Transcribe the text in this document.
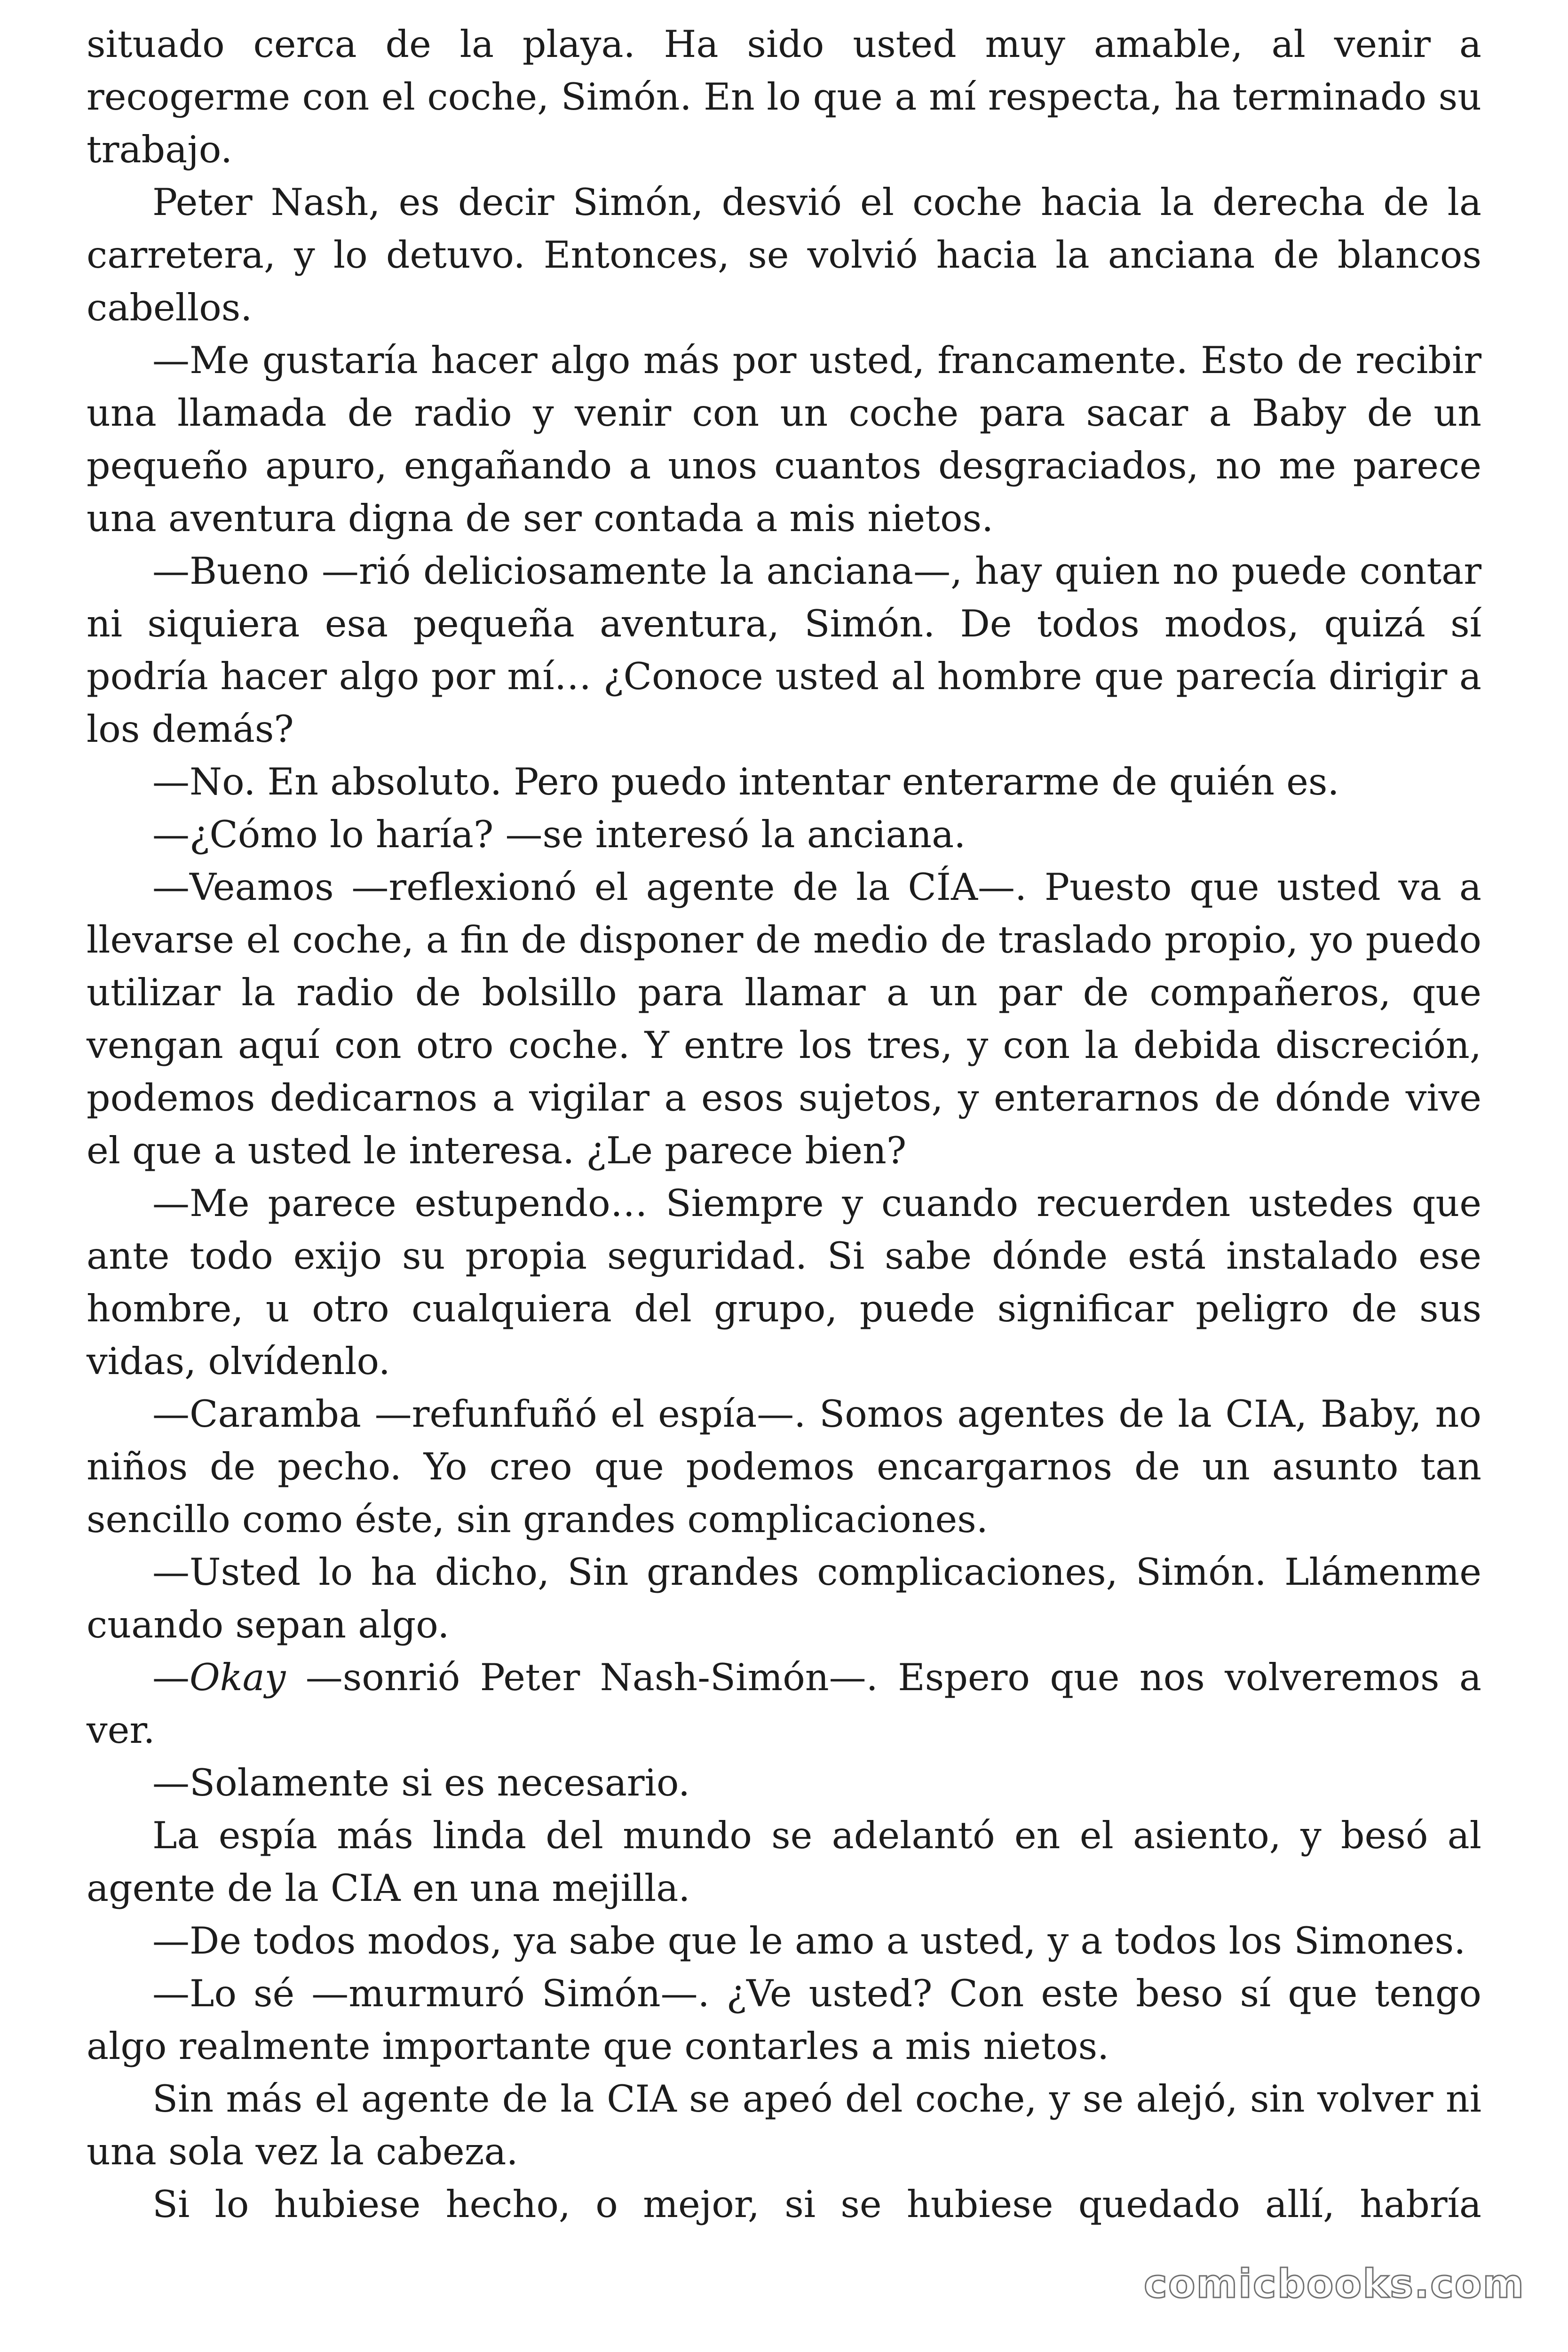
situado cerca de la playa. Ha sido usted muy amable, al venir a recogerme con el coche, Simón. En lo que a mí respecta, ha terminado su trabajo.

Peter Nash, es decir Simón, desvió el coche hacia la derecha de la carretera, y lo detuvo. Entonces, se volvió hacia la anciana de blancos cabellos.

—Me gustaría hacer algo más por usted, francamente. Esto de recibir una llamada de radio y venir con un coche para sacar a Baby de un pequeño apuro, engañando a unos cuantos desgraciados, no me parece una aventura digna de ser contada a mis nietos.

—Bueno —rió deliciosamente la anciana—, hay quien no puede contar ni siquiera esa pequeña aventura, Simón. De todos modos, quizá sí podría hacer algo por mí… ¿Conoce usted al hombre que parecía dirigir a los demás?

—No. En absoluto. Pero puedo intentar enterarme de quién es.

—¿Cómo lo haría? —se interesó la anciana.

—Veamos —reflexionó el agente de la CÍA—. Puesto que usted va a llevarse el coche, a fin de disponer de medio de traslado propio, yo puedo utilizar la radio de bolsillo para llamar a un par de compañeros, que vengan aquí con otro coche. Y entre los tres, y con la debida discreción, podemos dedicarnos a vigilar a esos sujetos, y enterarnos de dónde vive el que a usted le interesa. ¿Le parece bien?

—Me parece estupendo… Siempre y cuando recuerden ustedes que ante todo exijo su propia seguridad. Si sabe dónde está instalado ese hombre, u otro cualquiera del grupo, puede significar peligro de sus vidas, olvídenlo.

—Caramba —refunfuñó el espía—. Somos agentes de la CIA, Baby, no niños de pecho. Yo creo que podemos encargarnos de un asunto tan sencillo como éste, sin grandes complicaciones.

—Usted lo ha dicho, Sin grandes complicaciones, Simón. Llámenme cuando sepan algo.

—Okay —sonrió Peter Nash-Simón—. Espero que nos volveremos a ver.

—Solamente si es necesario.

La espía más linda del mundo se adelantó en el asiento, y besó al agente de la CIA en una mejilla.

—De todos modos, ya sabe que le amo a usted, y a todos los Simones.

—Lo sé —murmuró Simón—. ¿Ve usted? Con este beso sí que tengo algo realmente importante que contarles a mis nietos.

Sin más el agente de la CIA se apeó del coche, y se alejó, sin volver ni una sola vez la cabeza.

Si lo hubiese hecho, o mejor, si se hubiese quedado allí, habría

comicbooks.com
